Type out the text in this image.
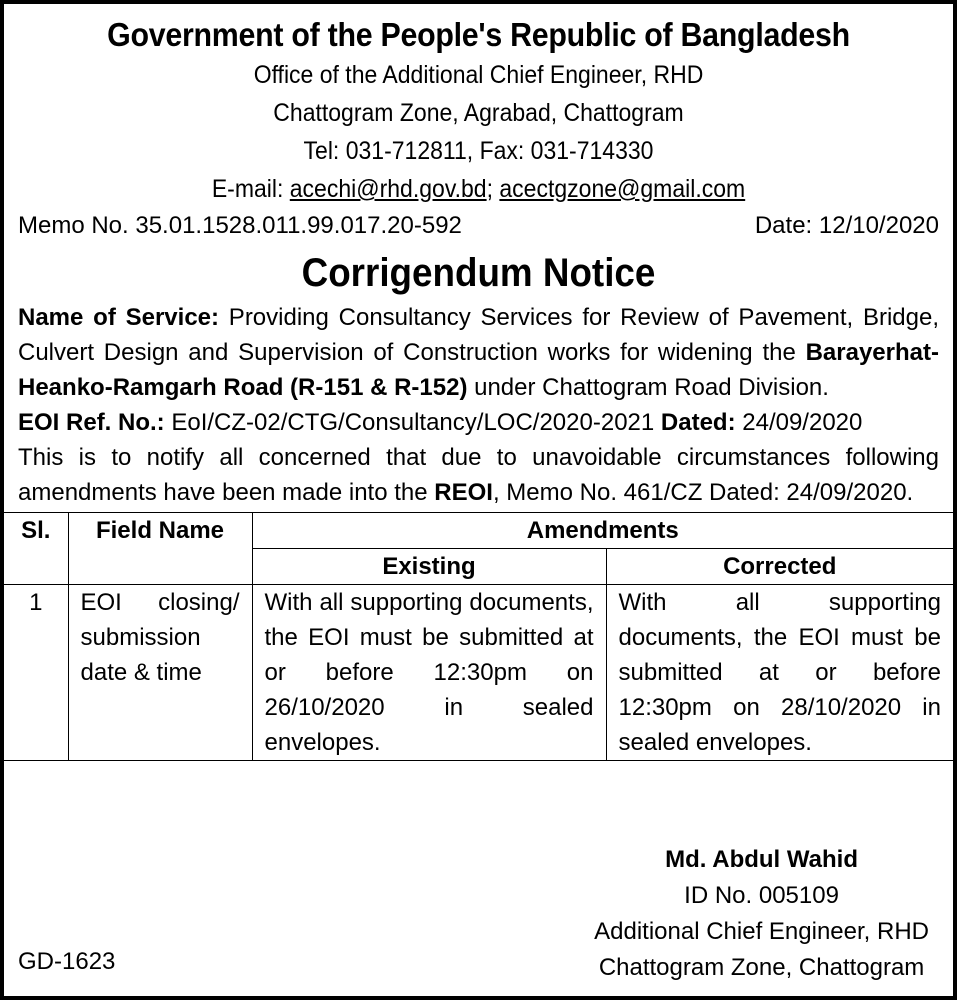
Government of the People's Republic of Bangladesh
Office of the Additional Chief Engineer, RHD
Chattogram Zone, Agrabad, Chattogram
Tel: 031-712811, Fax: 031-714330
E-mail: acechi@rhd.gov.bd; acectgzone@gmail.com
Memo No. 35.01.1528.011.99.017.20-592	Date: 12/10/2020
Corrigendum Notice

Name of Service: Providing Consultancy Services for Review of Pavement, Bridge, Culvert Design and Supervision of Construction works for widening the Barayerhat-Heanko-Ramgarh Road (R-151 & R-152) under Chattogram Road Division.

EOI Ref. No.: EoI/CZ-02/CTG/Consultancy/LOC/2020-2021 Dated: 24/09/2020

This is to notify all concerned that due to unavoidable circumstances following amendments have been made into the REOI, Memo No. 461/CZ Dated: 24/09/2020.

Sl.	Field Name	Amendments	
		Existing	Corrected
1	EOI closing/ submission date & time	With all supporting documents, the EOI must be submitted at or before 12:30pm on 26/10/2020 in sealed envelopes.	With all supporting documents, the EOI must be submitted at or before 12:30pm on 28/10/2020 in sealed envelopes.
Md. Abdul Wahid
ID No. 005109
Additional Chief Engineer, RHD
Chattogram Zone, Chattogram
GD-1623
